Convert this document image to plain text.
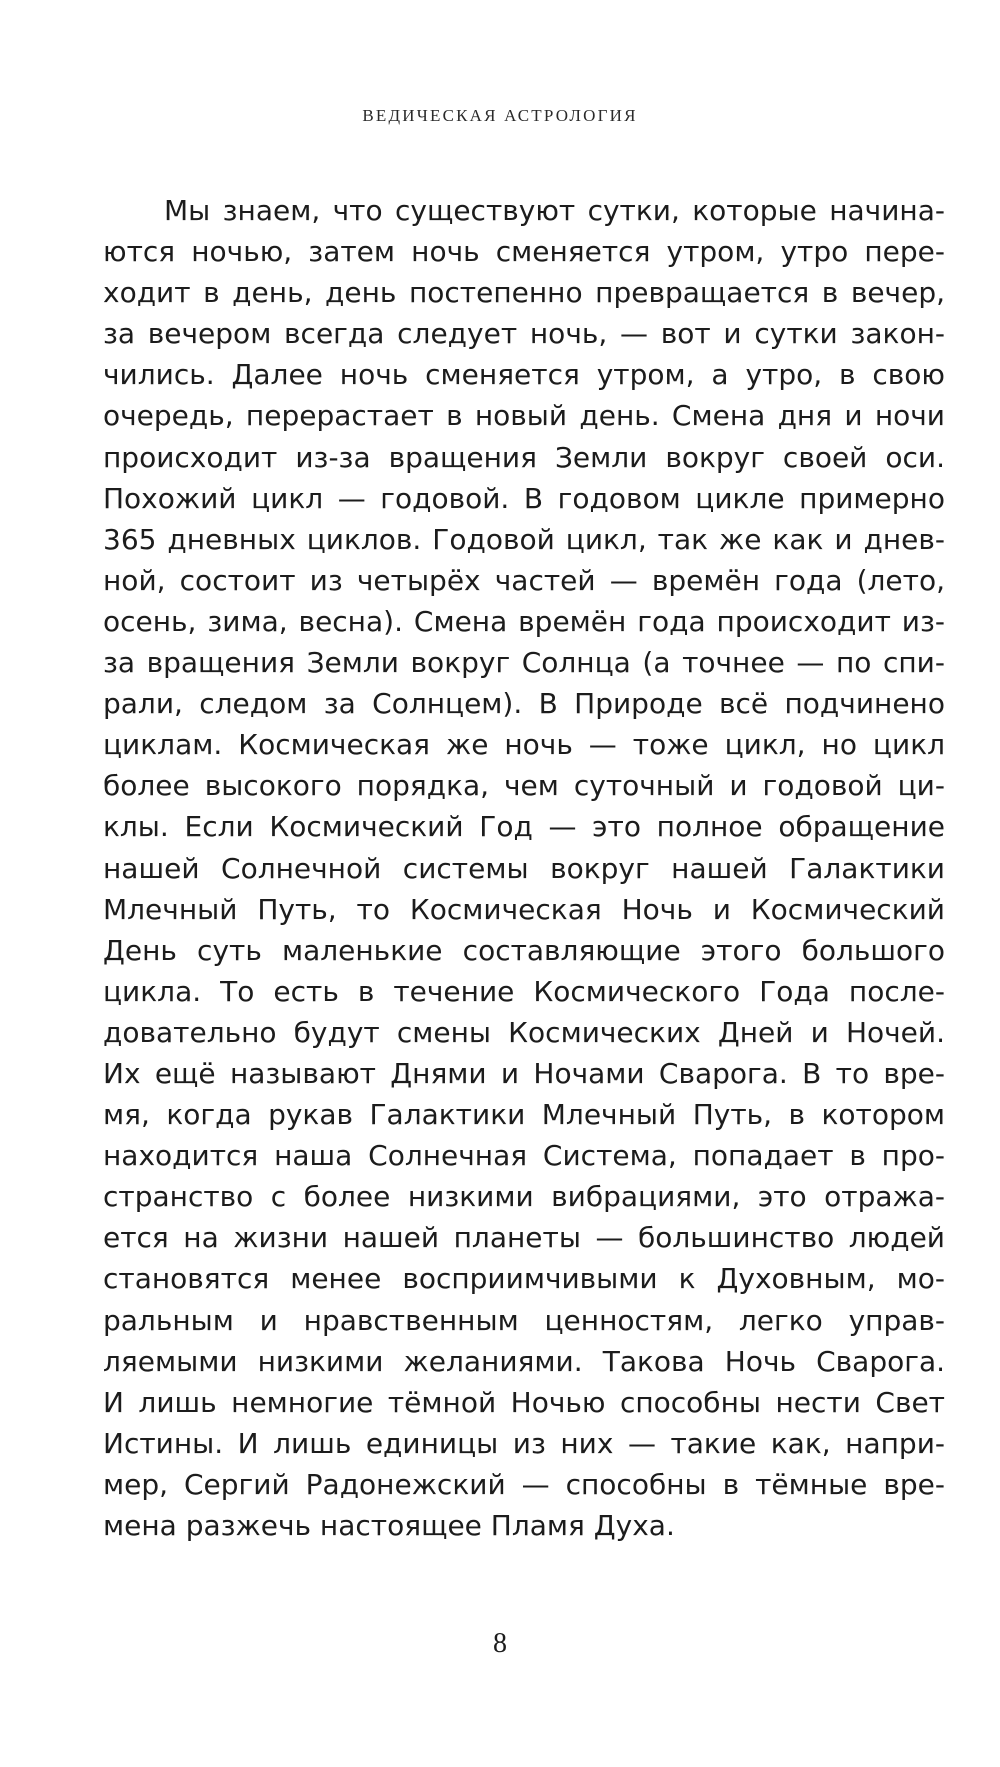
ВЕДИЧЕСКАЯ АСТРОЛОГИЯ
Мы знаем, что существуют сутки, которые начина-
ются ночью, затем ночь сменяется утром, утро пере-
ходит в день, день постепенно превращается в вечер,
за вечером всегда следует ночь, — вот и сутки закон-
чились. Далее ночь сменяется утром, а утро, в свою
очередь, перерастает в новый день. Смена дня и ночи
происходит из-за вращения Земли вокруг своей оси.
Похожий цикл — годовой. В годовом цикле примерно
365 дневных циклов. Годовой цикл, так же как и днев-
ной, состоит из четырёх частей — времён года (лето,
осень, зима, весна). Смена времён года происходит из-
за вращения Земли вокруг Солнца (а точнее — по спи-
рали, следом за Солнцем). В Природе всё подчинено
циклам. Космическая же ночь — тоже цикл, но цикл
более высокого порядка, чем суточный и годовой ци-
клы. Если Космический Год — это полное обращение
нашей Солнечной системы вокруг нашей Галактики
Млечный Путь, то Космическая Ночь и Космический
День суть маленькие составляющие этого большого
цикла. То есть в течение Космического Года после-
довательно будут смены Космических Дней и Ночей.
Их ещё называют Днями и Ночами Сварога. В то вре-
мя, когда рукав Галактики Млечный Путь, в котором
находится наша Солнечная Система, попадает в про-
странство с более низкими вибрациями, это отража-
ется на жизни нашей планеты — большинство людей
становятся менее восприимчивыми к Духовным, мо-
ральным и нравственным ценностям, легко управ-
ляемыми низкими желаниями. Такова Ночь Сварога.
И лишь немногие тёмной Ночью способны нести Свет
Истины. И лишь единицы из них — такие как, напри-
мер, Сергий Радонежский — способны в тёмные вре-
мена разжечь настоящее Пламя Духа.
8
